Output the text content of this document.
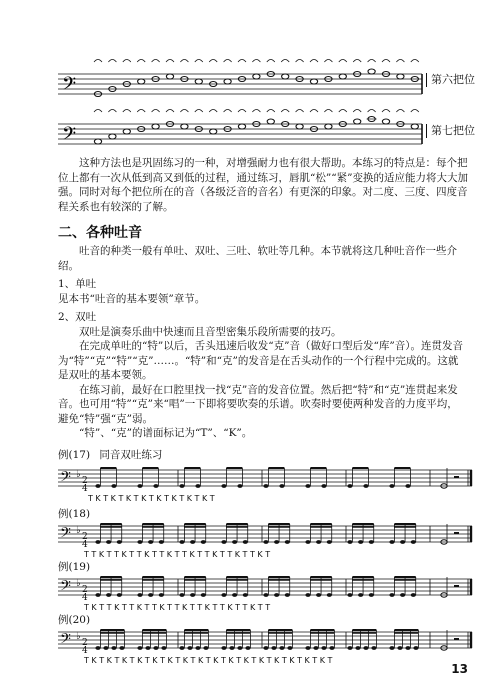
𝄢	第六把位
𝄢	第七把位

这种方法也是巩固练习的一种，对增强耐力也有很大帮助。本练习的特点是：每个把位上都有一次从低到高又到低的过程，通过练习，唇肌“松”“紧”变换的适应能力将大大加强。同时对每个把位所在的音（各级泛音的音名）有更深的印象。对二度、三度、四度音程关系也有较深的了解。

二、各种吐音

吐音的种类一般有单吐、双吐、三吐、软吐等几种。本节就将这几种吐音作一些介绍。

1、单吐

见本书“吐音的基本要领”章节。

2、双吐

双吐是演奏乐曲中快速而且音型密集乐段所需要的技巧。

在完成单吐的“特”以后，舌头迅速后收发“克”音（做好口型后发“库”音）。连贯发音为“特”“克”“特”“克”……。“特”和“克”的发音是在舌头动作的一个行程中完成的。这就是双吐的基本要领。

在练习前，最好在口腔里找一找“克”音的发音位置。然后把“特”和“克”连贯起来发音。也可用“特”“克”来“唱”一下即将要吹奏的乐谱。吹奏时要使两种发音的力度平均，避免“特”强“克”弱。

“特”、“克”的谱面标记为“T”、“K”。

例(17) 同音双吐练习
𝄢 ♭
2
4
T K T K T K T K T K T K T K T K T
例(18)
𝄢 ♭
2
4
T T K T T K T T K T T K T T K T T K T T K T T K T
例(19)
𝄢 ♭
2
4
T K T T K T T K T T K T T K T T K T T K T T K T T
例(20)
𝄢 ♭
2
4
T K T K T K T K T K T K T K T K T K T K T K T K T K T K T K T K T
13
